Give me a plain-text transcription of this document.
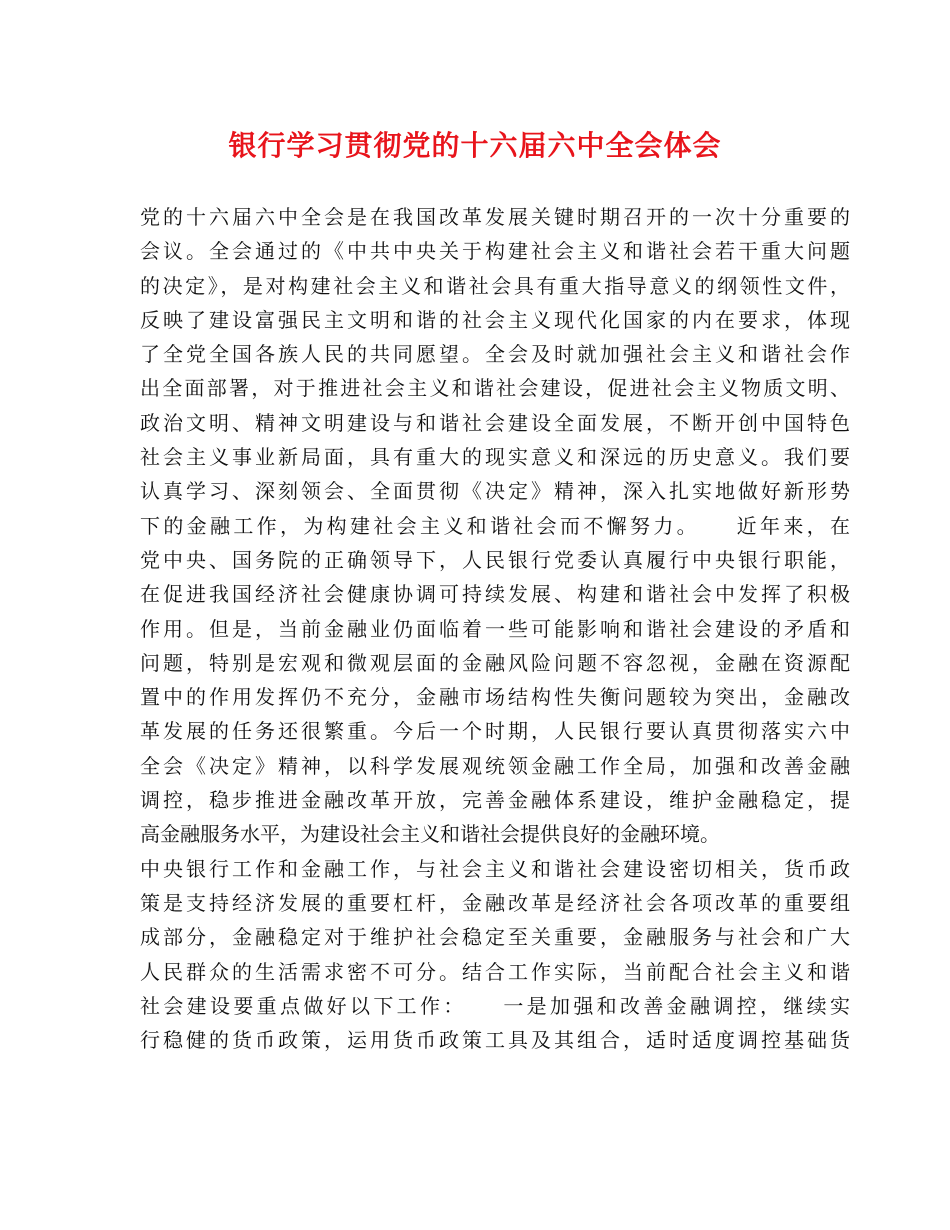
银行学习贯彻党的十六届六中全会体会
党的十六届六中全会是在我国改革发展关键时期召开的一次十分重要的
会议。全会通过的《中共中央关于构建社会主义和谐社会若干重大问题
的决定》，是对构建社会主义和谐社会具有重大指导意义的纲领性文件，
反映了建设富强民主文明和谐的社会主义现代化国家的内在要求，体现
了全党全国各族人民的共同愿望。全会及时就加强社会主义和谐社会作
出全面部署，对于推进社会主义和谐社会建设，促进社会主义物质文明、
政治文明、精神文明建设与和谐社会建设全面发展，不断开创中国特色
社会主义事业新局面，具有重大的现实意义和深远的历史意义。我们要
认真学习、深刻领会、全面贯彻《决定》精神，深入扎实地做好新形势
下的金融工作，为构建社会主义和谐社会而不懈努力。　　近年来，在
党中央、国务院的正确领导下，人民银行党委认真履行中央银行职能，
在促进我国经济社会健康协调可持续发展、构建和谐社会中发挥了积极
作用。但是，当前金融业仍面临着一些可能影响和谐社会建设的矛盾和
问题，特别是宏观和微观层面的金融风险问题不容忽视，金融在资源配
置中的作用发挥仍不充分，金融市场结构性失衡问题较为突出，金融改
革发展的任务还很繁重。今后一个时期，人民银行要认真贯彻落实六中
全会《决定》精神，以科学发展观统领金融工作全局，加强和改善金融
调控，稳步推进金融改革开放，完善金融体系建设，维护金融稳定，提
高金融服务水平，为建设社会主义和谐社会提供良好的金融环境。
中央银行工作和金融工作，与社会主义和谐社会建设密切相关，货币政
策是支持经济发展的重要杠杆，金融改革是经济社会各项改革的重要组
成部分，金融稳定对于维护社会稳定至关重要，金融服务与社会和广大
人民群众的生活需求密不可分。结合工作实际，当前配合社会主义和谐
社会建设要重点做好以下工作：　　一是加强和改善金融调控，继续实
行稳健的货币政策，运用货币政策工具及其组合，适时适度调控基础货
